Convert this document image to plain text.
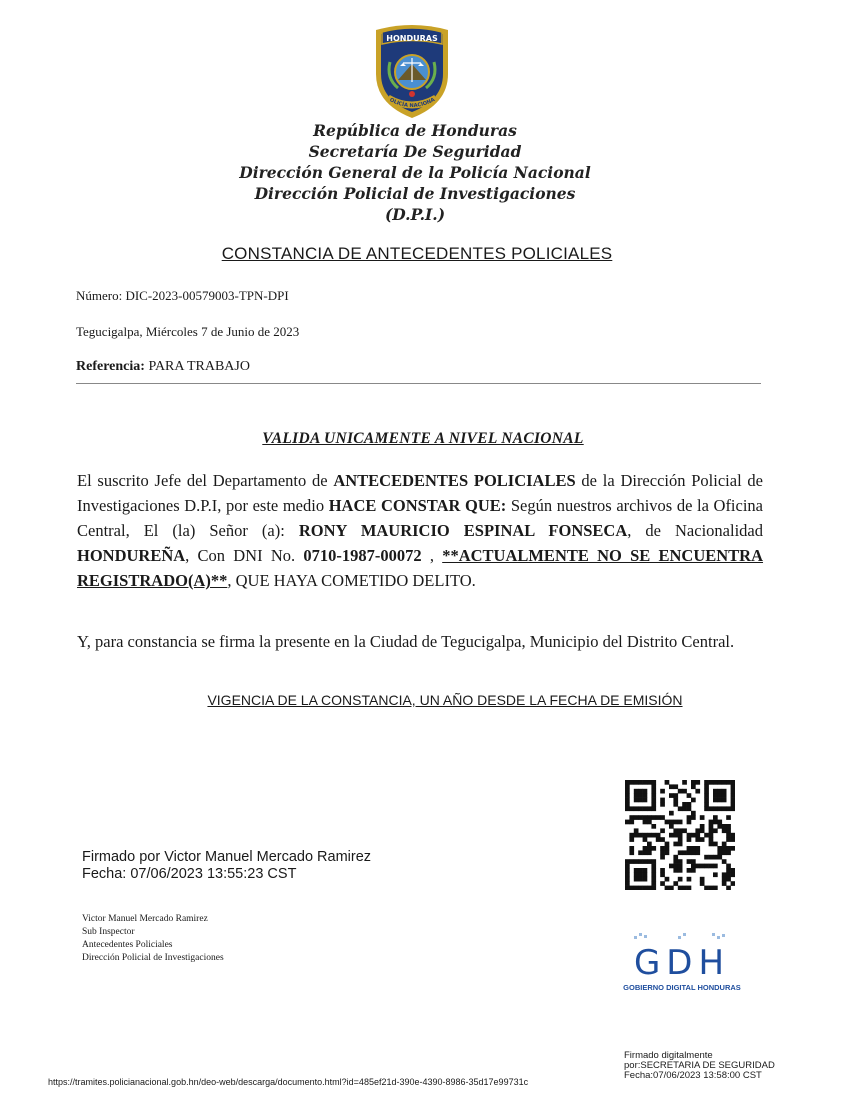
HONDURAS
OLICÍA NACIONA
República de Honduras
Secretaría De Seguridad
Dirección General de la Policía Nacional
Dirección Policial de Investigaciones
(D.P.I.)
CONSTANCIA DE ANTECEDENTES POLICIALES
Número: DIC-2023-00579003-TPN-DPI
Tegucigalpa, Miércoles 7 de Junio de 2023
Referencia: PARA TRABAJO
VALIDA UNICAMENTE A NIVEL NACIONAL
El suscrito Jefe del Departamento de ANTECEDENTES POLICIALES de la Dirección Policial de Investigaciones D.P.I, por este medio HACE CONSTAR QUE: Según nuestros archivos de la Oficina Central, El (la) Señor (a): RONY MAURICIO ESPINAL FONSECA, de Nacionalidad HONDUREÑA, Con DNI No. 0710-1987-00072 , **ACTUALMENTE NO SE ENCUENTRA REGISTRADO(A)**, QUE HAYA COMETIDO DELITO.
Y, para constancia se firma la presente en la Ciudad de Tegucigalpa, Municipio del Distrito Central.
VIGENCIA DE LA CONSTANCIA, UN AÑO DESDE LA FECHA DE EMISIÓN
Firmado por Victor Manuel Mercado Ramirez
Fecha: 07/06/2023 13:55:23 CST
Victor Manuel Mercado Ramirez
Sub Inspector
Antecedentes Policiales
Dirección Policial de Investigaciones	GDH
GOBIERNO DIGITAL HONDURAS
https://tramites.policianacional.gob.hn/deo-web/descarga/documento.html?id=485ef21d-390e-4390-8986-35d17e99731c
Firmado digitalmente
por:SECRETARIA DE SEGURIDAD
Fecha:07/06/2023 13:58:00 CST
